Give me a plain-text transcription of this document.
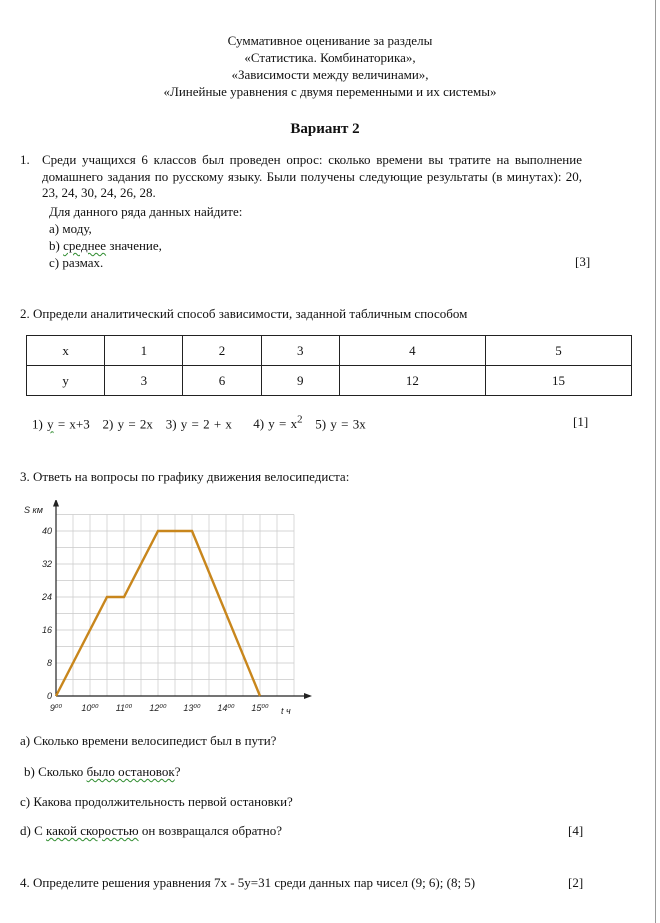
Суммативное оценивание за разделы
«Статистика. Комбинаторика»,
«Зависимости между величинами»,
«Линейные уравнения с двумя переменными и их системы»
Вариант 2
1. Среди учащихся 6 классов был проведен опрос: сколько времени вы тратите на выполнение домашнего задания по русскому языку. Были получены следующие результаты (в минутах): 20, 23, 24, 30, 24, 26, 28.
Для данного ряда данных найдите:
а) моду,
b) среднее значение,
с) размах.	[3]
2. Определи аналитический способ зависимости, заданной табличным способом
x	1	2	3	4	5
y	3	6	9	12	15
1) y = x+3 2) y = 2x 3) y = 2 + x 4) $y = x^2$ 5) y = 3x	[1]
3. Ответь на вопросы по графику движения велосипедиста:
0
8
16
24
32
40
9⁰⁰ 10⁰⁰ 11⁰⁰ 12⁰⁰ 13⁰⁰ 14⁰⁰ 15⁰⁰
S км
t ч
а) Сколько времени велосипедист был в пути?
b) Сколько было остановок?
c) Какова продолжительность первой остановки?
d) С какой скоростью он возвращался обратно?	[4]
4. Определите решения уравнения 7x - 5y=31 среди данных пар чисел (9; 6); (8; 5)	[2]
